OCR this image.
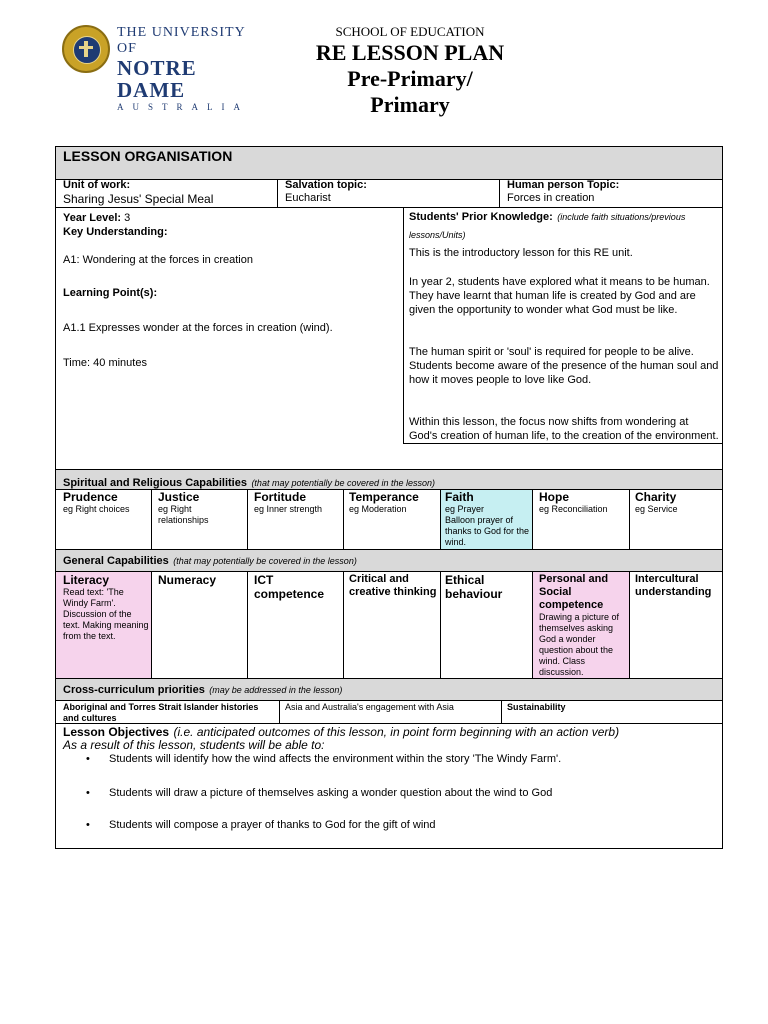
THE UNIVERSITY OF
NOTRE DAME
AUSTRALIA
SCHOOL OF EDUCATION
RE LESSON PLAN
Pre-Primary/
Primary
LESSON ORGANISATION
Unit of work:
Sharing Jesus' Special Meal
Salvation topic:
Eucharist
Human person Topic:
Forces in creation
Year Level: 3
Key Understanding:
A1: Wondering at the forces in creation
Learning Point(s):
A1.1 Expresses wonder at the forces in creation (wind).
Time: 40 minutes
Students' Prior Knowledge: (include faith situations/previous lessons/Units)
This is the introductory lesson for this RE unit.
In year 2, students have explored what it means to be human. They have learnt that human life is created by God and are given the opportunity to wonder what God must be like.
The human spirit or 'soul' is required for people to be alive. Students become aware of the presence of the human soul and how it moves people to love like God.
Within this lesson, the focus now shifts from wondering at God's creation of human life, to the creation of the environment.
Spiritual and Religious Capabilities (that may potentially be covered in the lesson)
Prudence
eg Right choices
Justice
eg Right relationships
Fortitude
eg Inner strength
Temperance
eg Moderation
Faith
eg Prayer
Balloon prayer of thanks to God for the wind.
Hope
eg Reconciliation
Charity
eg Service
General Capabilities (that may potentially be covered in the lesson)
Literacy
Read text: 'The Windy Farm'.
Discussion of the text. Making meaning from the text.
Numeracy	ICT competence
Critical and creative thinking
Ethical behaviour
Personal and Social competence
Drawing a picture of themselves asking God a wonder question about the wind. Class discussion.
Intercultural understanding
Cross-curriculum priorities (may be addressed in the lesson)
Aboriginal and Torres Strait Islander histories and cultures
Asia and Australia's engagement with Asia	Sustainability
Lesson Objectives (i.e. anticipated outcomes of this lesson, in point form beginning with an action verb)
As a result of this lesson, students will be able to:
• Students will identify how the wind affects the environment within the story 'The Windy Farm'.
• Students will draw a picture of themselves asking a wonder question about the wind to God
• Students will compose a prayer of thanks to God for the gift of wind
